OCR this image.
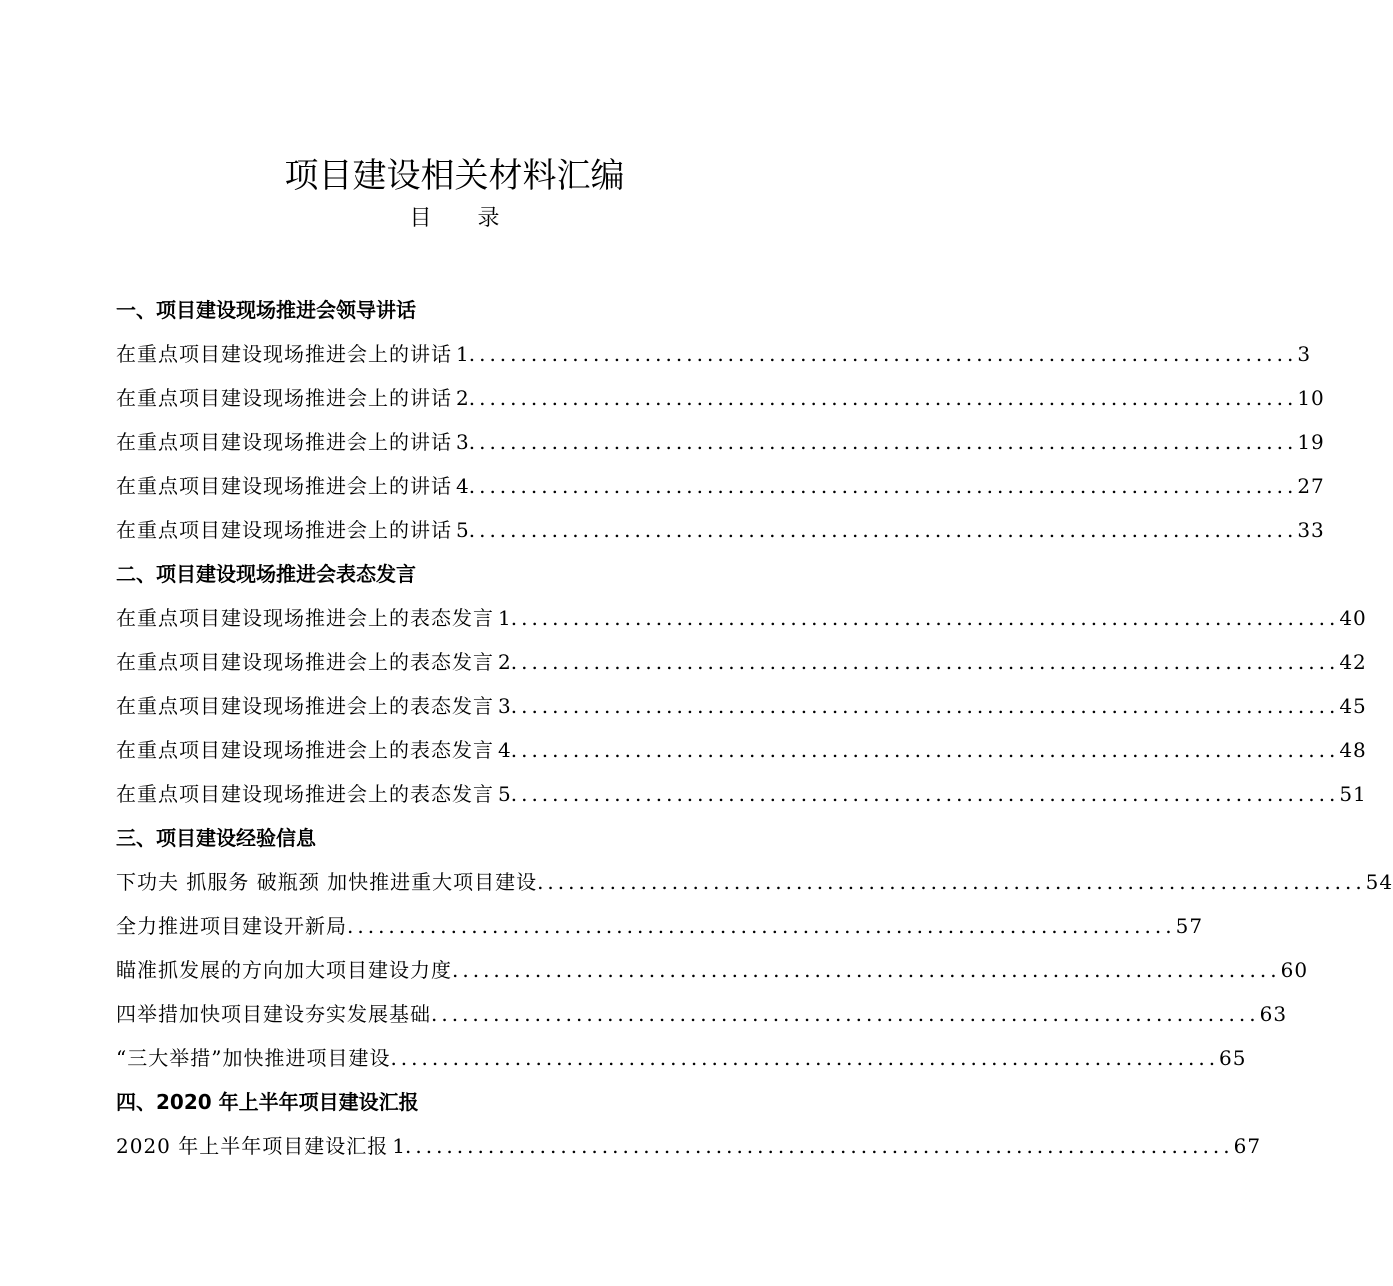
项目建设相关材料汇编
目 录
一、项目建设现场推进会领导讲话
在重点项目建设现场推进会上的讲话 1 ................................................................................ 3
在重点项目建设现场推进会上的讲话 2 ................................................................................ 10
在重点项目建设现场推进会上的讲话 3 ................................................................................ 19
在重点项目建设现场推进会上的讲话 4 ................................................................................ 27
在重点项目建设现场推进会上的讲话 5 ................................................................................ 33
二、项目建设现场推进会表态发言
在重点项目建设现场推进会上的表态发言 1 ................................................................................ 40
在重点项目建设现场推进会上的表态发言 2 ................................................................................ 42
在重点项目建设现场推进会上的表态发言 3 ................................................................................ 45
在重点项目建设现场推进会上的表态发言 4 ................................................................................ 48
在重点项目建设现场推进会上的表态发言 5 ................................................................................ 51
三、项目建设经验信息
下功夫 抓服务 破瓶颈 加快推进重大项目建设 ................................................................................ 54
全力推进项目建设开新局 ................................................................................ 57
瞄准抓发展的方向加大项目建设力度 ................................................................................ 60
四举措加快项目建设夯实发展基础 ................................................................................ 63
“三大举措”加快推进项目建设 ................................................................................ 65
四、2020 年上半年项目建设汇报
2020 年上半年项目建设汇报 1 ................................................................................ 67
